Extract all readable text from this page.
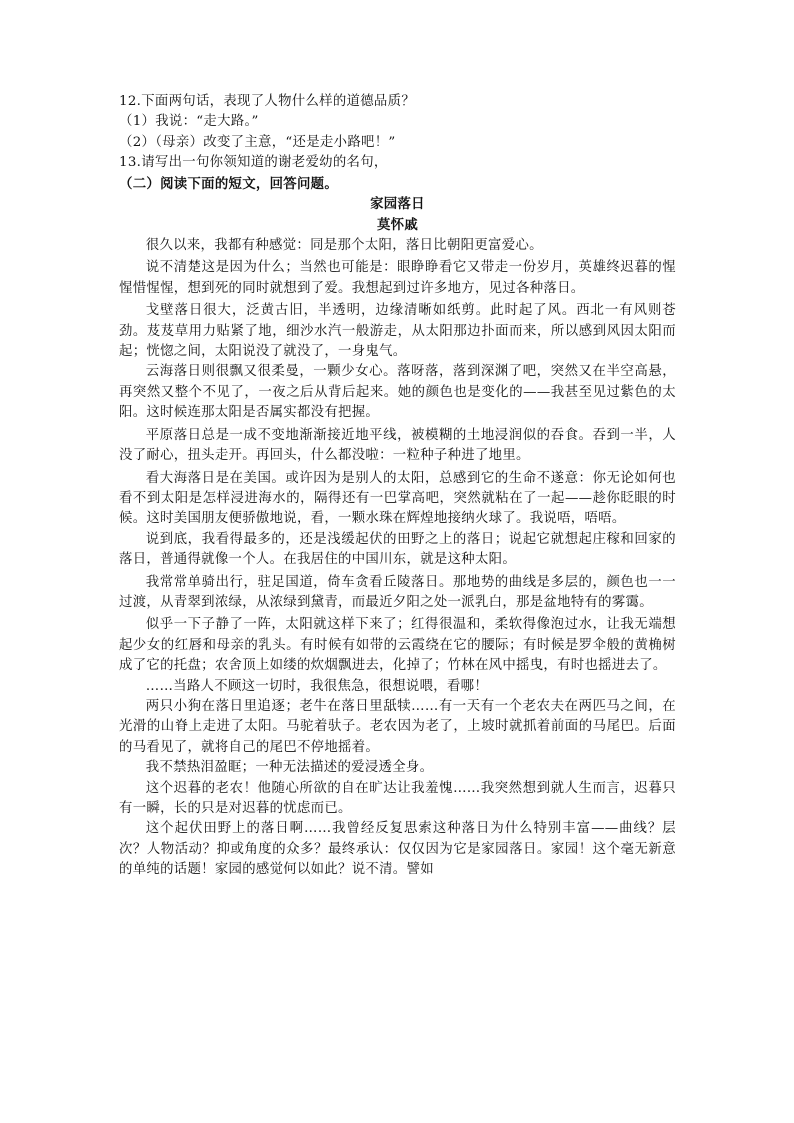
12.下面两句话，表现了人物什么样的道德品质？
（1）我说：“走大路。”
（2）（母亲）改变了主意，“还是走小路吧！”
13.请写出一句你领知道的谢老爱幼的名句，
（二）阅读下面的短文，回答问题。
家园落日
莫怀戚
很久以来，我都有种感觉：同是那个太阳，落日比朝阳更富爱心。
说不清楚这是因为什么；当然也可能是：眼睁睁看它又带走一份岁月，英雄终迟暮的惺惺惜惺惺，想到死的同时就想到了爱。我想起到过许多地方，见过各种落日。
戈壁落日很大，泛黄古旧，半透明，边缘清晰如纸剪。此时起了风。西北一有风则苍劲。芨芨草用力贴紧了地，细沙水汽一般游走，从太阳那边扑面而来，所以感到风因太阳而起；恍惚之间，太阳说没了就没了，一身鬼气。
云海落日则很飘又很柔曼，一颗少女心。落呀落，落到深渊了吧，突然又在半空高悬，再突然又整个不见了，一夜之后从背后起来。她的颜色也是变化的——我甚至见过紫色的太阳。这时候连那太阳是否属实都没有把握。
平原落日总是一成不变地渐渐接近地平线，被模糊的土地浸润似的吞食。吞到一半，人没了耐心，扭头走开。再回头，什么都没啦：一粒种子种进了地里。
看大海落日是在美国。或许因为是别人的太阳，总感到它的生命不遂意：你无论如何也看不到太阳是怎样浸进海水的，隔得还有一巴掌高吧，突然就粘在了一起——趁你眨眼的时候。这时美国朋友便骄傲地说，看，一颗水珠在辉煌地接纳火球了。我说唔，唔唔。
说到底，我看得最多的，还是浅缓起伏的田野之上的落日；说起它就想起庄稼和回家的落日，普通得就像一个人。在我居住的中国川东，就是这种太阳。
我常常单骑出行，驻足国道，倚车贪看丘陵落日。那地势的曲线是多层的，颜色也一一过渡，从青翠到浓绿，从浓绿到黛青，而最近夕阳之处一派乳白，那是盆地特有的雾霭。
似乎一下子静了一阵，太阳就这样下来了；红得很温和，柔软得像泡过水，让我无端想起少女的红唇和母亲的乳头。有时候有如带的云霞绕在它的腰际；有时候是罗伞般的黄桷树成了它的托盘；农舍顶上如缕的炊烟飘进去，化掉了；竹林在风中摇曳，有时也摇进去了。
……当路人不顾这一切时，我很焦急，很想说喂，看哪！
两只小狗在落日里追逐；老牛在落日里舐犊……有一天有一个老农夫在两匹马之间，在光滑的山脊上走进了太阳。马驼着驮子。老农因为老了，上坡时就抓着前面的马尾巴。后面的马看见了，就将自己的尾巴不停地摇着。
我不禁热泪盈眶；一种无法描述的爱浸透全身。
这个迟暮的老农！他随心所欲的自在旷达让我羞愧……我突然想到就人生而言，迟暮只有一瞬，长的只是对迟暮的忧虑而已。
这个起伏田野上的落日啊……我曾经反复思索这种落日为什么特别丰富——曲线？层次？人物活动？抑或角度的众多？最终承认：仅仅因为它是家园落日。家园！这个毫无新意的单纯的话题！家园的感觉何以如此？说不清。譬如
